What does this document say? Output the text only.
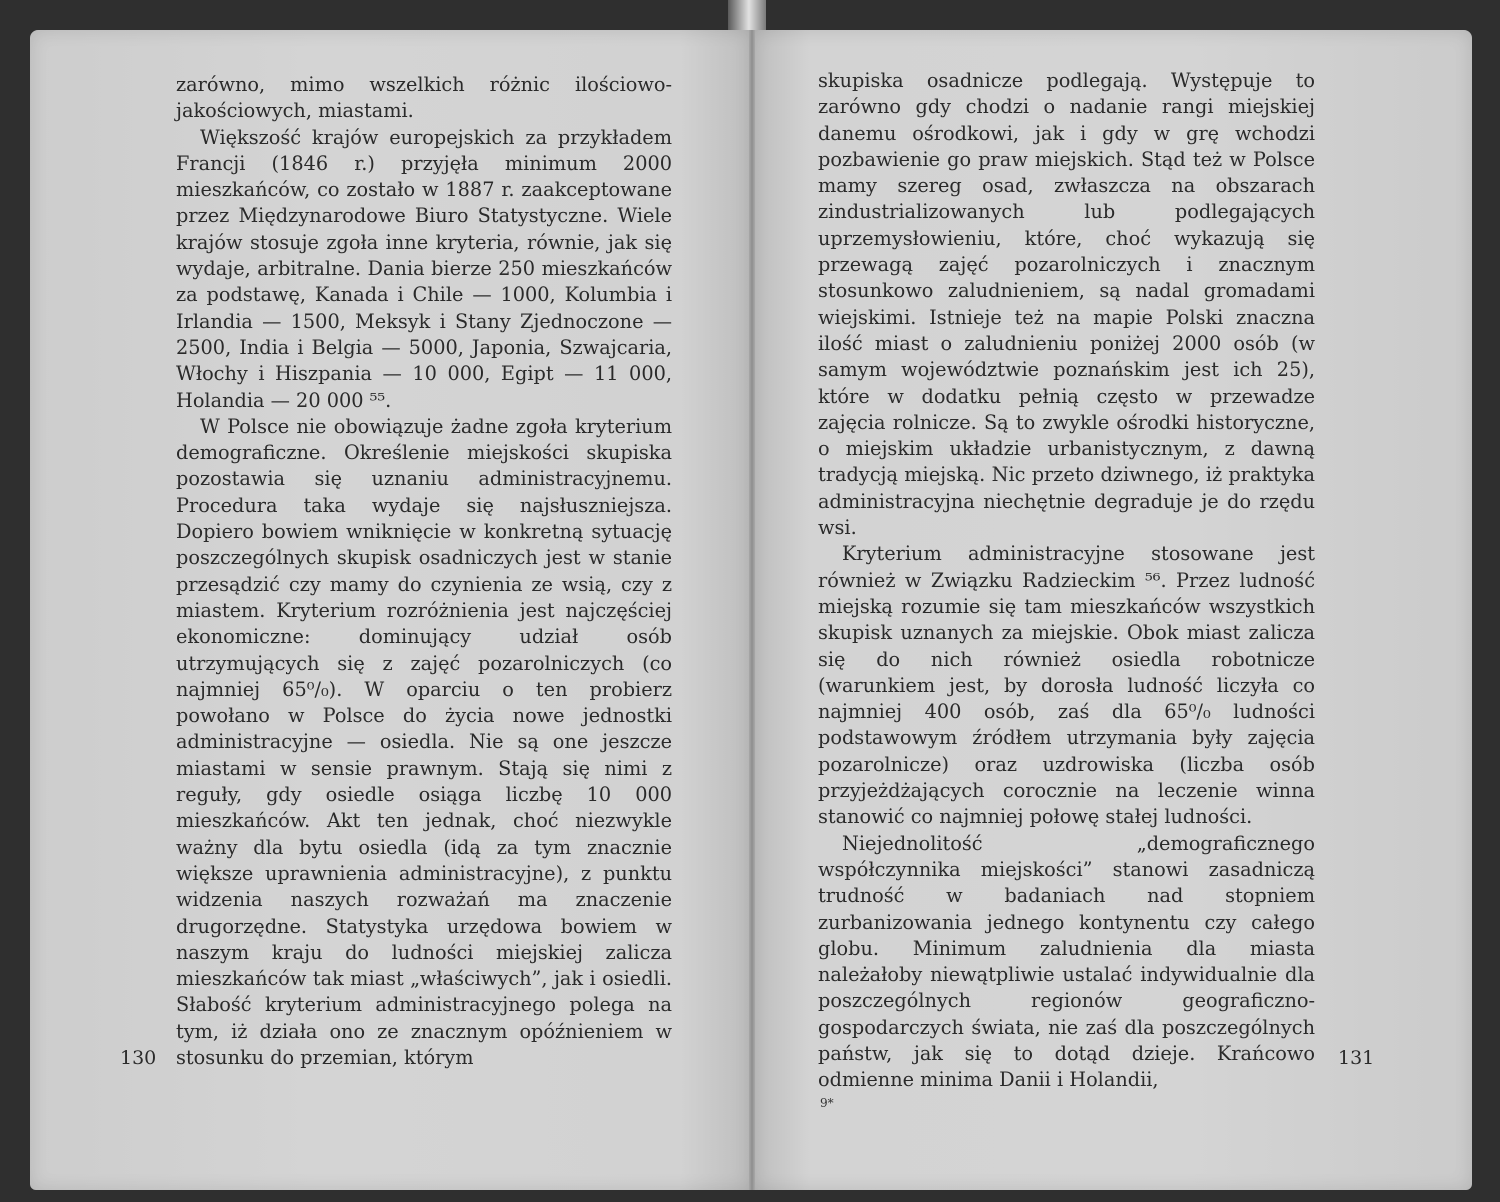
zarówno, mimo wszelkich różnic ilościowo-jakościowych, miastami.

Większość krajów europejskich za przykładem Francji (1846 r.) przyjęła minimum 2000 mieszkańców, co zostało w 1887 r. zaakceptowane przez Międzynarodowe Biuro Statystyczne. Wiele krajów stosuje zgoła inne kryteria, równie, jak się wydaje, arbitralne. Dania bierze 250 mieszkańców za podstawę, Kanada i Chile — 1000, Kolumbia i Irlandia — 1500, Meksyk i Stany Zjednoczone — 2500, India i Belgia — 5000, Japonia, Szwajcaria, Włochy i Hiszpania — 10 000, Egipt — 11 000, Holandia — 20 000 ⁵⁵.

W Polsce nie obowiązuje żadne zgoła kryterium demograficzne. Określenie miejskości skupiska pozostawia się uznaniu administracyjnemu. Procedura taka wydaje się najsłuszniejsza. Dopiero bowiem wniknięcie w konkretną sytuację poszczególnych skupisk osadniczych jest w stanie przesądzić czy mamy do czynienia ze wsią, czy z miastem. Kryterium rozróżnienia jest najczęściej ekonomiczne: dominujący udział osób utrzymujących się z zajęć pozarolniczych (co najmniej 65⁰/₀). W oparciu o ten probierz powołano w Polsce do życia nowe jednostki administracyjne — osiedla. Nie są one jeszcze miastami w sensie prawnym. Stają się nimi z reguły, gdy osiedle osiąga liczbę 10 000 mieszkańców. Akt ten jednak, choć niezwykle ważny dla bytu osiedla (idą za tym znacznie większe uprawnienia administracyjne), z punktu widzenia naszych rozważań ma znaczenie drugorzędne. Statystyka urzędowa bowiem w naszym kraju do ludności miejskiej zalicza mieszkańców tak miast „właściwych”, jak i osiedli. Słabość kryterium administracyjnego polega na tym, iż działa ono ze znacznym opóźnieniem w stosunku do przemian, którym

skupiska osadnicze podlegają. Występuje to zarówno gdy chodzi o nadanie rangi miejskiej danemu ośrodkowi, jak i gdy w grę wchodzi pozbawienie go praw miejskich. Stąd też w Polsce mamy szereg osad, zwłaszcza na obszarach zindustrializowanych lub podlegających uprzemysłowieniu, które, choć wykazują się przewagą zajęć pozarolniczych i znacznym stosunkowo zaludnieniem, są nadal gromadami wiejskimi. Istnieje też na mapie Polski znaczna ilość miast o zaludnieniu poniżej 2000 osób (w samym województwie poznańskim jest ich 25), które w dodatku pełnią często w przewadze zajęcia rolnicze. Są to zwykle ośrodki historyczne, o miejskim układzie urbanistycznym, z dawną tradycją miejską. Nic przeto dziwnego, iż praktyka administracyjna niechętnie degraduje je do rzędu wsi.

Kryterium administracyjne stosowane jest również w Związku Radzieckim ⁵⁶. Przez ludność miejską rozumie się tam mieszkańców wszystkich skupisk uznanych za miejskie. Obok miast zalicza się do nich również osiedla robotnicze (warunkiem jest, by dorosła ludność liczyła co najmniej 400 osób, zaś dla 65⁰/₀ ludności podstawowym źródłem utrzymania były zajęcia pozarolnicze) oraz uzdrowiska (liczba osób przyjeżdżających corocznie na leczenie winna stanowić co najmniej połowę stałej ludności.

Niejednolitość „demograficznego współczynnika miejskości” stanowi zasadniczą trudność w badaniach nad stopniem zurbanizowania jednego kontynentu czy całego globu. Minimum zaludnienia dla miasta należałoby niewątpliwie ustalać indywidualnie dla poszczególnych regionów geograficzno-gospodarczych świata, nie zaś dla poszczególnych państw, jak się to dotąd dzieje. Krańcowo odmienne minima Danii i Holandii,

130	131
9*
